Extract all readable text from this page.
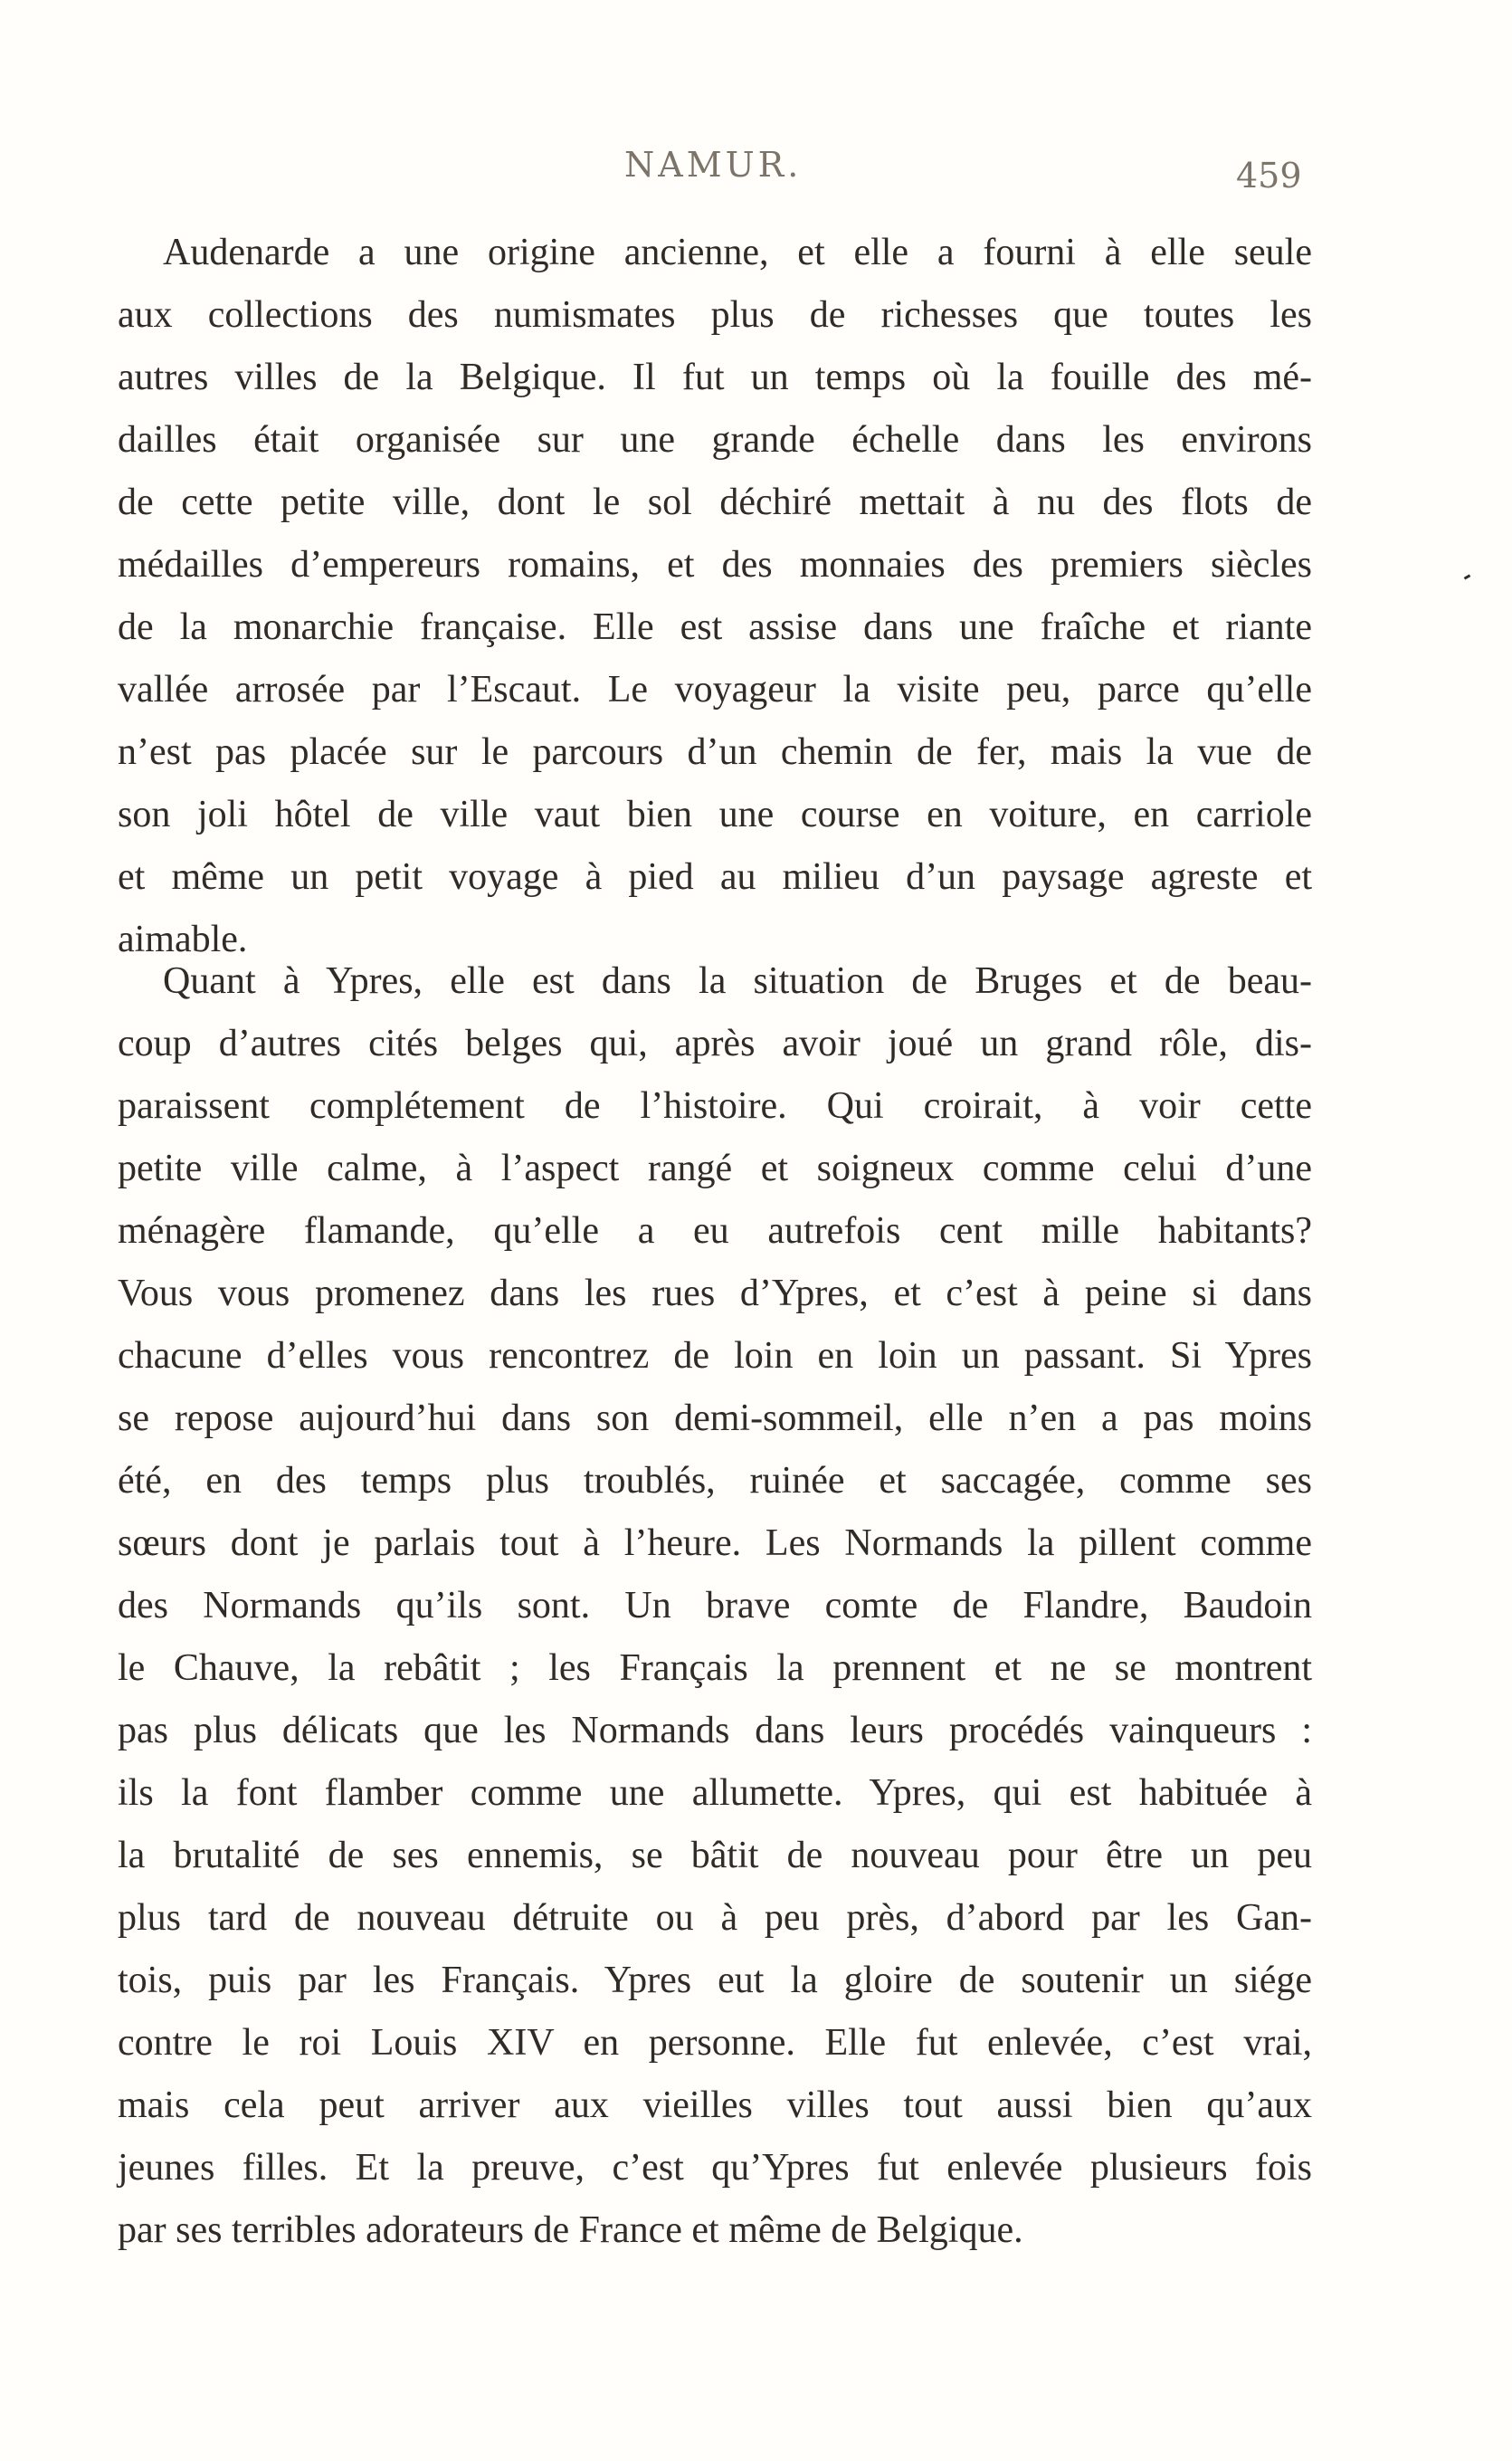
NAMUR.	459
Audenarde a une origine ancienne, et elle a fourni à elle seule
aux collections des numismates plus de richesses que toutes les
autres villes de la Belgique. Il fut un temps où la fouille des mé-
dailles était organisée sur une grande échelle dans les environs
de cette petite ville, dont le sol déchiré mettait à nu des flots de
médailles d’empereurs romains, et des monnaies des premiers siècles
de la monarchie française. Elle est assise dans une fraîche et riante
vallée arrosée par l’Escaut. Le voyageur la visite peu, parce qu’elle
n’est pas placée sur le parcours d’un chemin de fer, mais la vue de
son joli hôtel de ville vaut bien une course en voiture, en carriole
et même un petit voyage à pied au milieu d’un paysage agreste et
aimable.
Quant à Ypres, elle est dans la situation de Bruges et de beau-
coup d’autres cités belges qui, après avoir joué un grand rôle, dis-
paraissent complétement de l’histoire. Qui croirait, à voir cette
petite ville calme, à l’aspect rangé et soigneux comme celui d’une
ménagère flamande, qu’elle a eu autrefois cent mille habitants?
Vous vous promenez dans les rues d’Ypres, et c’est à peine si dans
chacune d’elles vous rencontrez de loin en loin un passant. Si Ypres
se repose aujourd’hui dans son demi-sommeil, elle n’en a pas moins
été, en des temps plus troublés, ruinée et saccagée, comme ses
sœurs dont je parlais tout à l’heure. Les Normands la pillent comme
des Normands qu’ils sont. Un brave comte de Flandre, Baudoin
le Chauve, la rebâtit ; les Français la prennent et ne se montrent
pas plus délicats que les Normands dans leurs procédés vainqueurs :
ils la font flamber comme une allumette. Ypres, qui est habituée à
la brutalité de ses ennemis, se bâtit de nouveau pour être un peu
plus tard de nouveau détruite ou à peu près, d’abord par les Gan-
tois, puis par les Français. Ypres eut la gloire de soutenir un siége
contre le roi Louis XIV en personne. Elle fut enlevée, c’est vrai,
mais cela peut arriver aux vieilles villes tout aussi bien qu’aux
jeunes filles. Et la preuve, c’est qu’Ypres fut enlevée plusieurs fois
par ses terribles adorateurs de France et même de Belgique.
